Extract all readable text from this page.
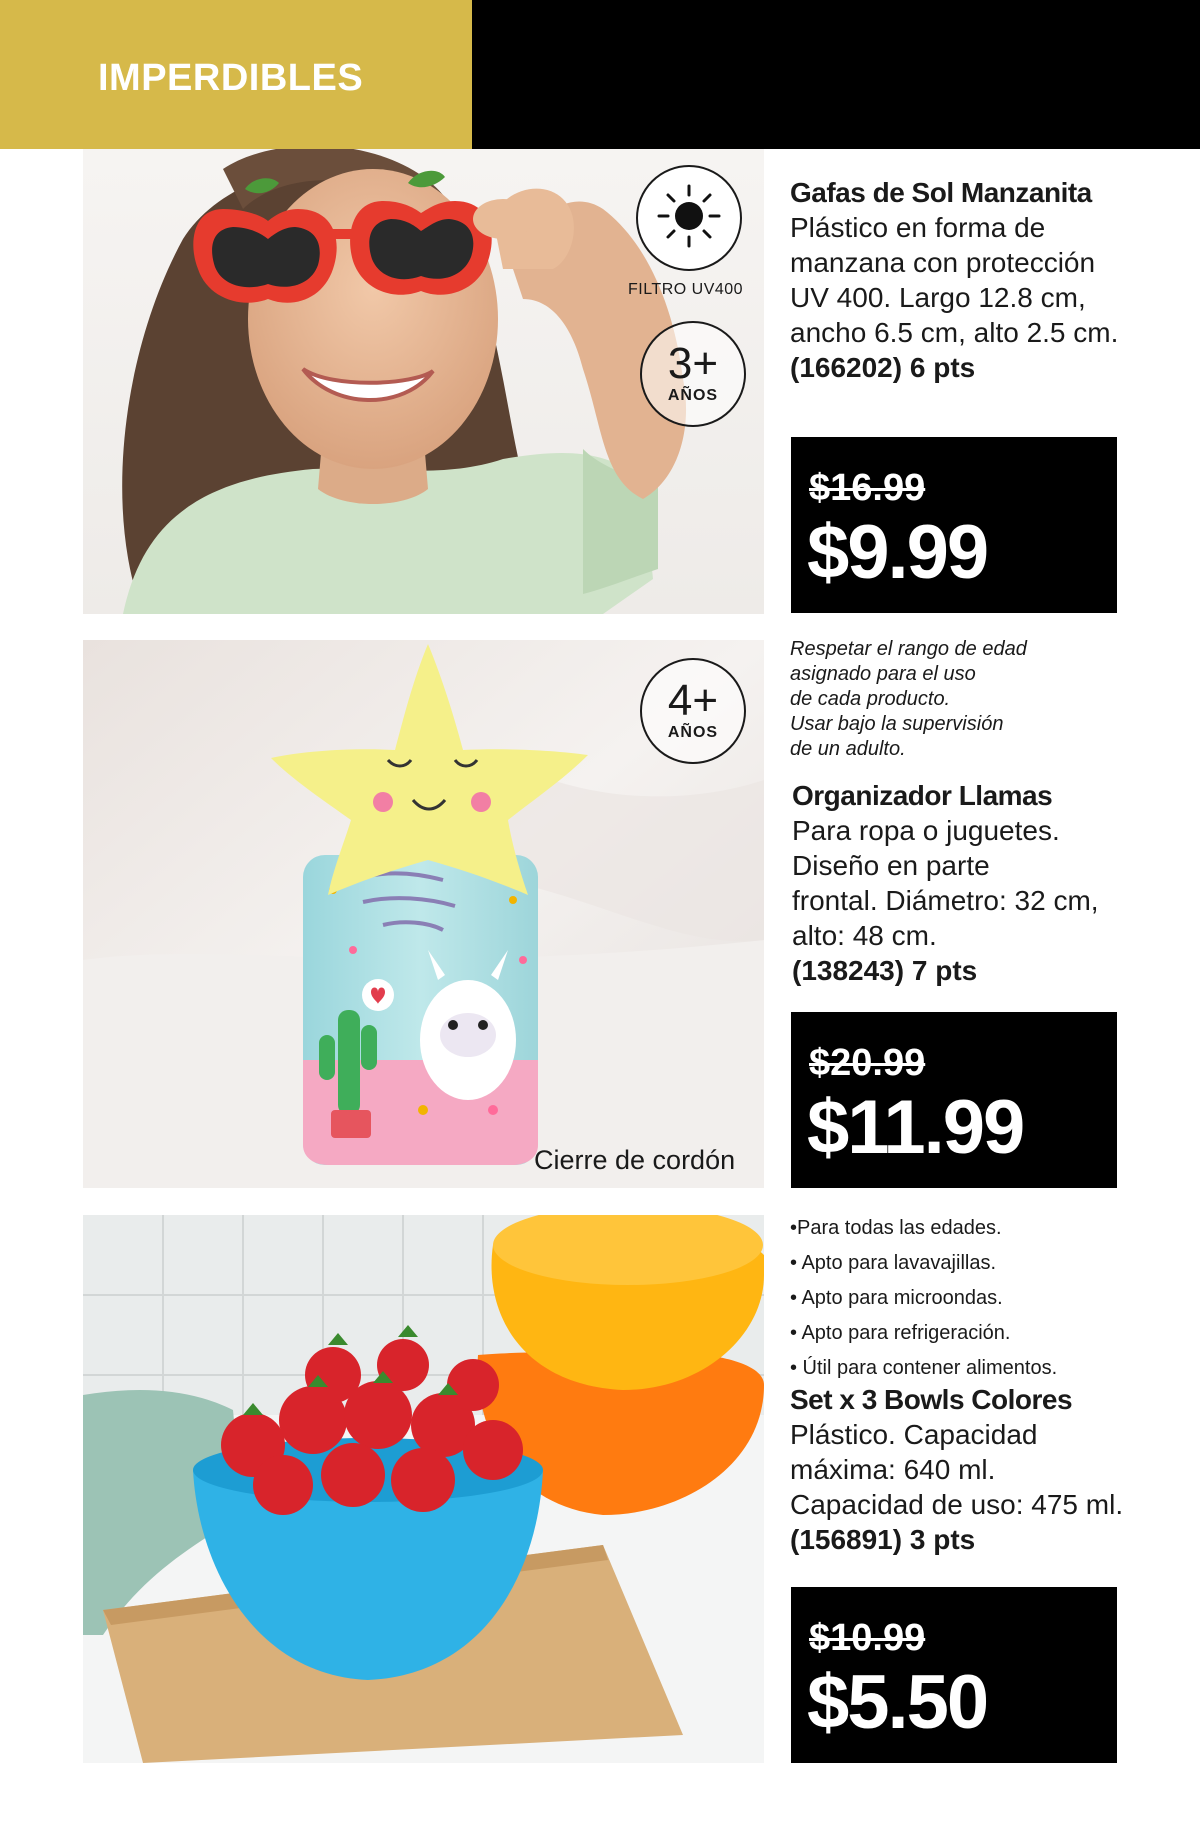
IMPERDIBLES
FILTRO UV400
3+
AÑOS
Gafas de Sol Manzanita
Plástico en forma de
manzana con protección
UV 400. Largo 12.8 cm,
ancho 6.5 cm, alto 2.5 cm.
(166202) 6 pts
$16.99
$9.99
4+
AÑOS
Cierre de cordón
Respetar el rango de edad
asignado para el uso
de cada producto.
Usar bajo la supervisión
de un adulto.
Organizador Llamas
Para ropa o juguetes.
Diseño en parte
frontal. Diámetro: 32 cm,
alto: 48 cm.
(138243) 7 pts
$20.99
$11.99
•Para todas las edades.
• Apto para lavavajillas.
• Apto para microondas.
• Apto para refrigeración.
• Útil para contener alimentos.
Set x 3 Bowls Colores
Plástico. Capacidad
máxima: 640 ml.
Capacidad de uso: 475 ml.
(156891) 3 pts
$10.99
$5.50
